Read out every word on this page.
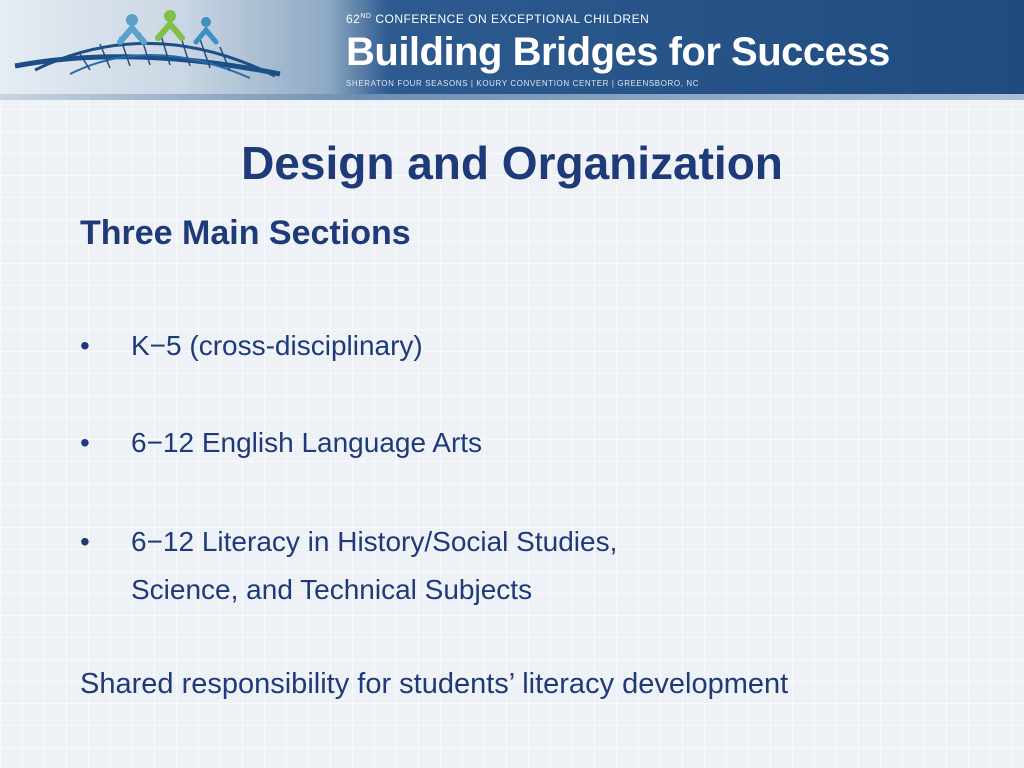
62ND CONFERENCE ON EXCEPTIONAL CHILDREN
Building Bridges for Success
SHERATON FOUR SEASONS | KOURY CONVENTION CENTER | GREENSBORO, NC
Design and Organization
Three Main Sections
• K−5 (cross-disciplinary)
• 6−12 English Language Arts
• 6−12 Literacy in History/Social Studies,
Science, and Technical Subjects
Shared responsibility for students’ literacy development
